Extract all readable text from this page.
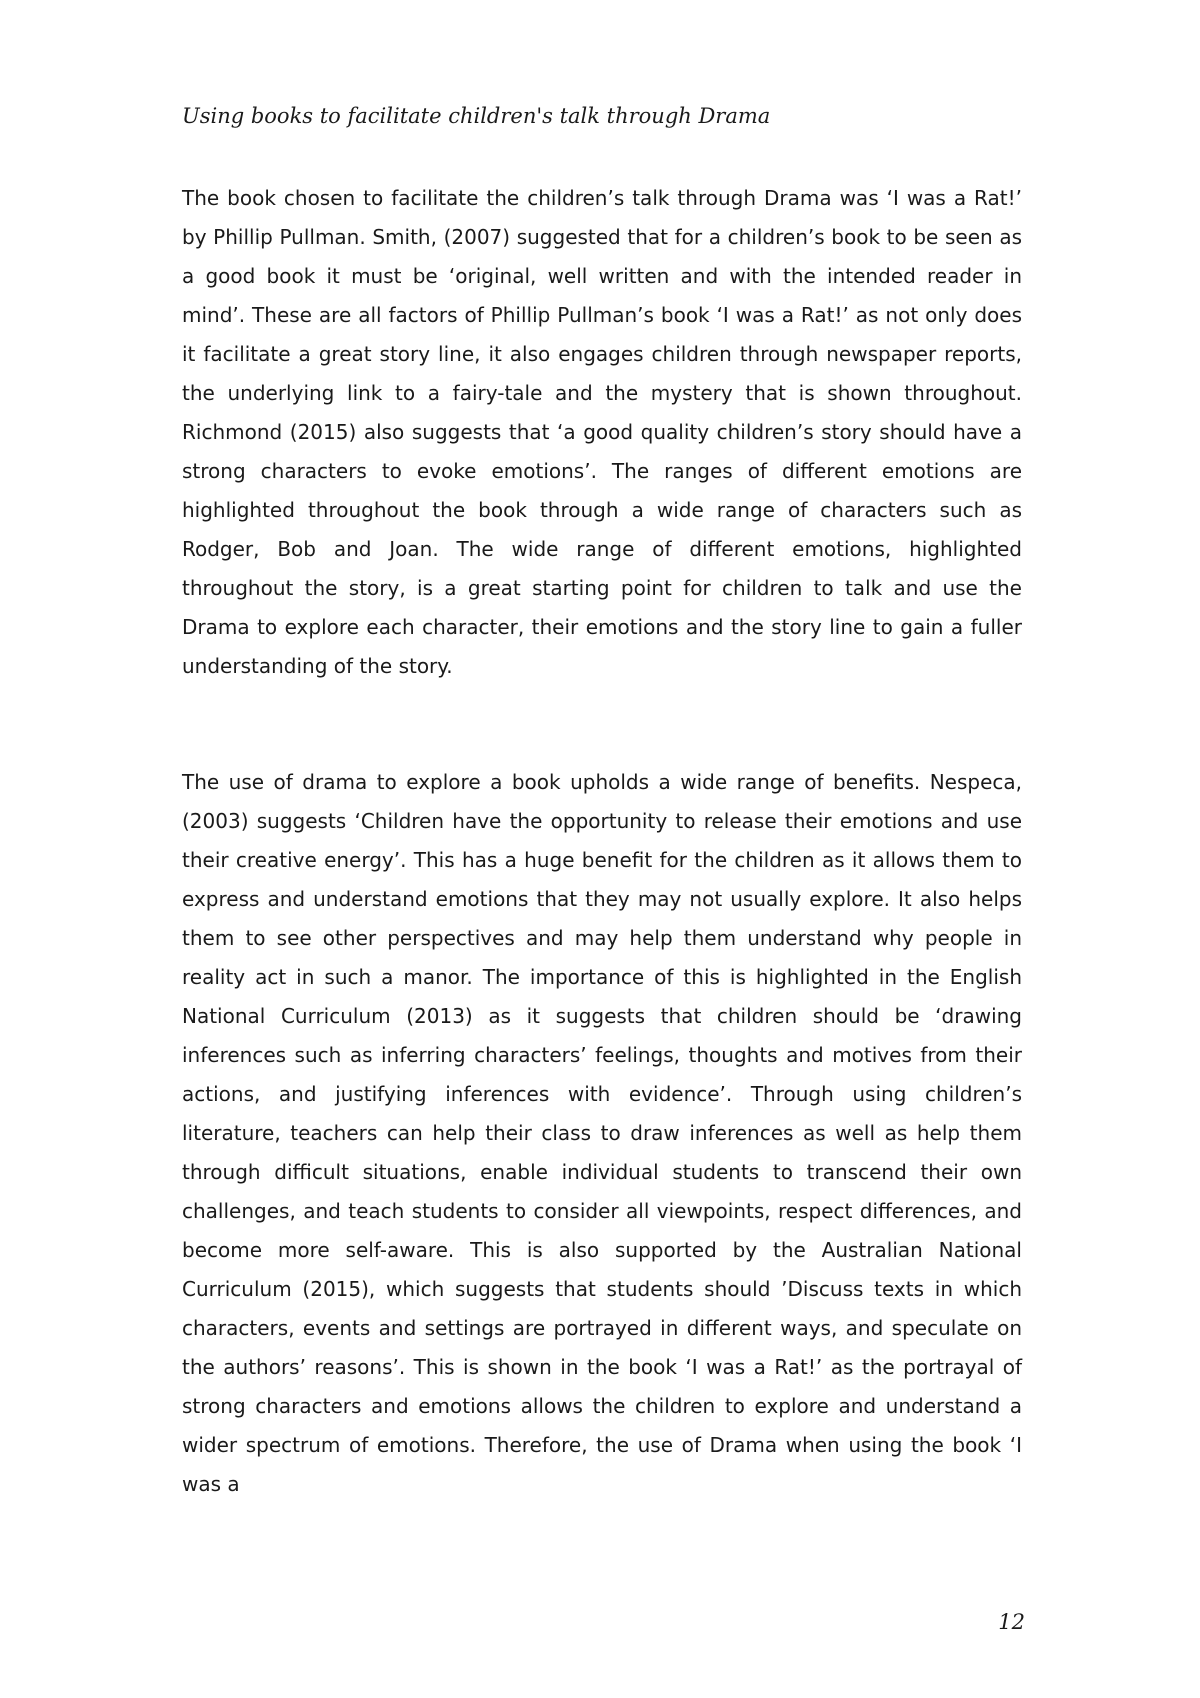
Using books to facilitate children's talk through Drama

The book chosen to facilitate the children’s talk through Drama was ‘I was a Rat!’ by Phillip Pullman. Smith, (2007) suggested that for a children’s book to be seen as a good book it must be ‘original, well written and with the intended reader in mind’. These are all factors of Phillip Pullman’s book ‘I was a Rat!’ as not only does it facilitate a great story line, it also engages children through newspaper reports, the underlying link to a fairy-tale and the mystery that is shown throughout. Richmond (2015) also suggests that ‘a good quality children’s story should have a strong characters to evoke emotions’. The ranges of different emotions are highlighted throughout the book through a wide range of characters such as Rodger, Bob and Joan. The wide range of different emotions, highlighted throughout the story, is a great starting point for children to talk and use the Drama to explore each character, their emotions and the story line to gain a fuller understanding of the story.

The use of drama to explore a book upholds a wide range of benefits. Nespeca, (2003) suggests ‘Children have the opportunity to release their emotions and use their creative energy’. This has a huge benefit for the children as it allows them to express and understand emotions that they may not usually explore. It also helps them to see other perspectives and may help them understand why people in reality act in such a manor. The importance of this is highlighted in the English National Curriculum (2013) as it suggests that children should be ‘drawing inferences such as inferring characters’ feelings, thoughts and motives from their actions, and justifying inferences with evidence’. Through using children’s literature, teachers can help their class to draw inferences as well as help them through difficult situations, enable individual students to transcend their own challenges, and teach students to consider all viewpoints, respect differences, and become more self-aware. This is also supported by the Australian National Curriculum (2015), which suggests that students should ’Discuss texts in which characters, events and settings are portrayed in different ways, and speculate on the authors’ reasons’. This is shown in the book ‘I was a Rat!’ as the portrayal of strong characters and emotions allows the children to explore and understand a wider spectrum of emotions. Therefore, the use of Drama when using the book ‘I was a

12
